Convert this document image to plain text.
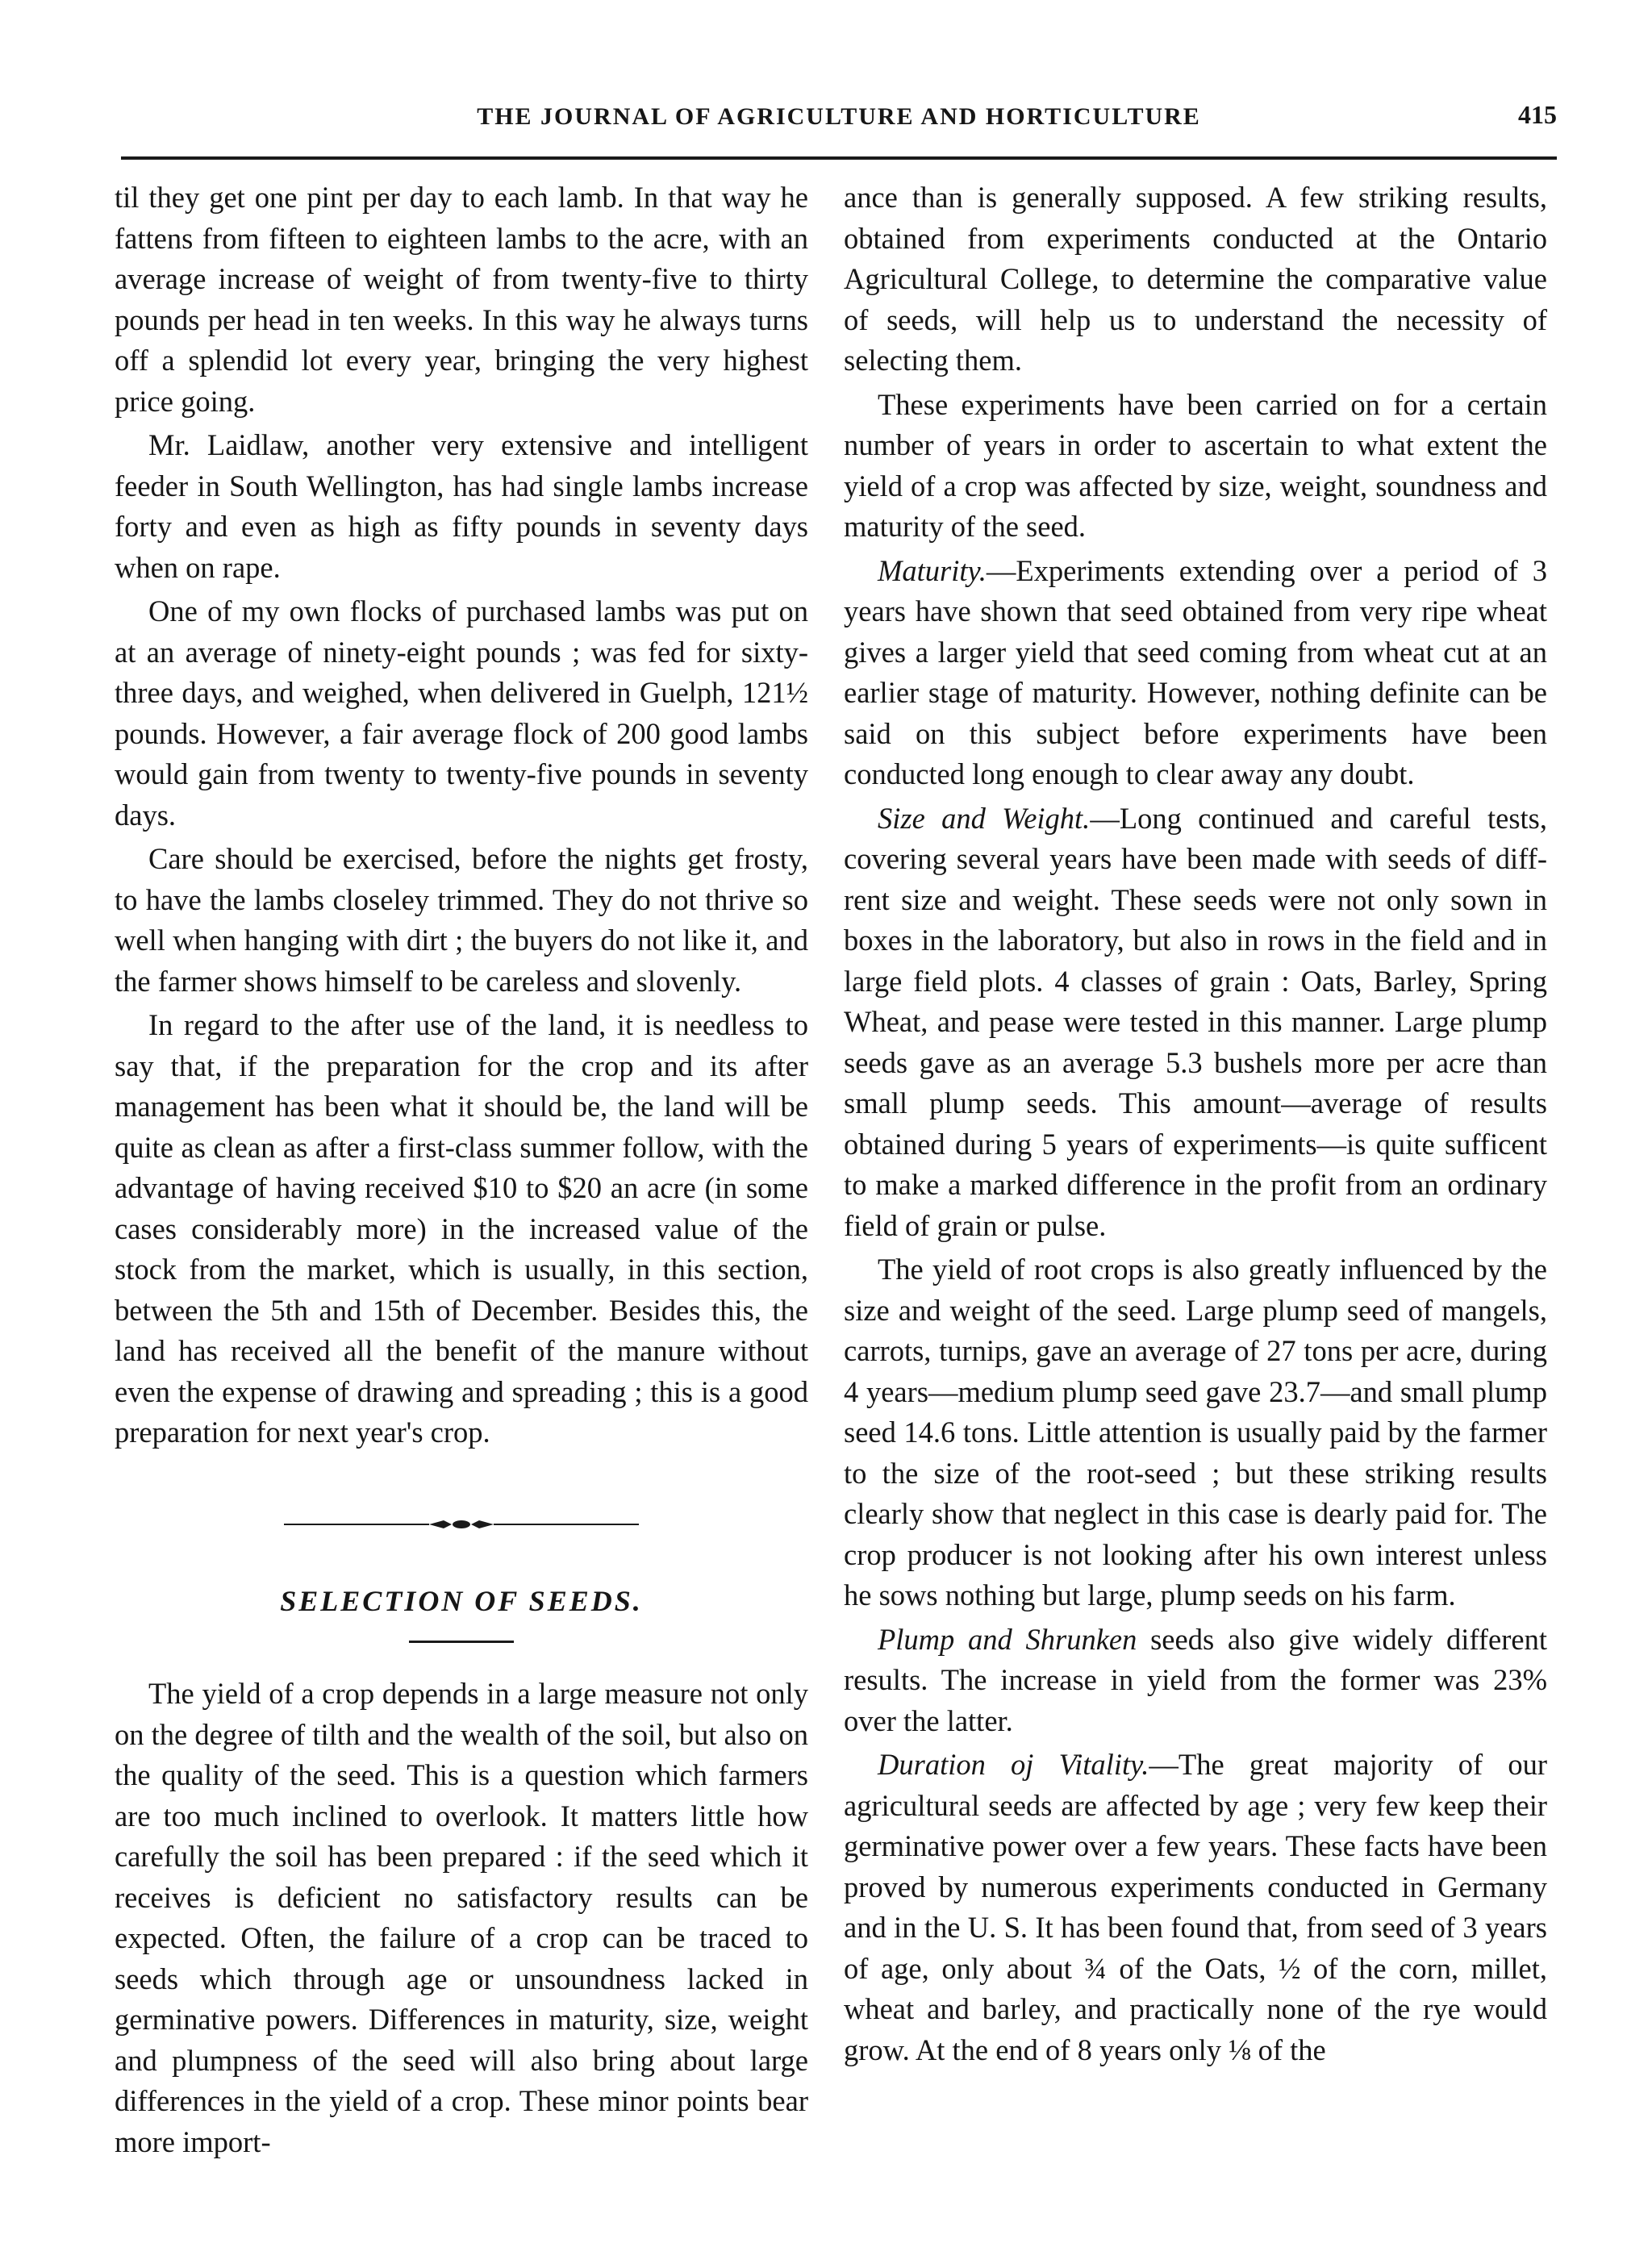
THE JOURNAL OF AGRICULTURE AND HORTICULTURE	415

til they get one pint per day to each lamb. In that way he fattens from fifteen to eighteen lambs to the acre, with an average increase of weight of from twenty-five to thirty pounds per head in ten weeks. In this way he always turns off a splendid lot every year, bringing the very highest price going.

Mr. Laidlaw, another very extensive and intelligent feeder in South Wellington, has had single lambs increase forty and even as high as fifty pounds in seventy days when on rape.

One of my own flocks of purchased lambs was put on at an average of ninety-eight pounds ; was fed for sixty-three days, and weighed, when delivered in Guelph, 121½ pounds. However, a fair average flock of 200 good lambs would gain from twenty to twenty-five pounds in seventy days.

Care should be exercised, before the nights get frosty, to have the lambs closeley trimmed. They do not thrive so well when hanging with dirt ; the buyers do not like it, and the farmer shows himself to be careless and slovenly.

In regard to the after use of the land, it is needless to say that, if the preparation for the crop and its after management has been what it should be, the land will be quite as clean as after a first-class summer follow, with the advantage of having received $10 to $20 an acre (in some cases considerably more) in the increased value of the stock from the market, which is usually, in this section, between the 5th and 15th of December. Besides this, the land has received all the benefit of the manure without even the expense of drawing and spreading ; this is a good preparation for next year's crop.

SELECTION OF SEEDS.

The yield of a crop depends in a large measure not only on the degree of tilth and the wealth of the soil, but also on the quality of the seed. This is a question which farmers are too much inclined to overlook. It matters little how carefully the soil has been prepared : if the seed which it receives is deficient no satisfactory results can be expected. Often, the failure of a crop can be traced to seeds which through age or unsoundness lacked in germinative powers. Differences in maturity, size, weight and plumpness of the seed will also bring about large differences in the yield of a crop. These minor points bear more import-

ance than is generally supposed. A few striking results, obtained from experiments conducted at the Ontario Agricultural College, to determine the comparative value of seeds, will help us to understand the necessity of selecting them.

These experiments have been carried on for a certain number of years in order to ascertain to what extent the yield of a crop was affected by size, weight, soundness and maturity of the seed.

Maturity.—Experiments extending over a period of 3 years have shown that seed obtained from very ripe wheat gives a larger yield that seed coming from wheat cut at an earlier stage of maturity. However, nothing definite can be said on this subject before experiments have been conducted long enough to clear away any doubt.

Size and Weight.—Long continued and careful tests, covering several years have been made with seeds of diff-rent size and weight. These seeds were not only sown in boxes in the laboratory, but also in rows in the field and in large field plots. 4 classes of grain : Oats, Barley, Spring Wheat, and pease were tested in this manner. Large plump seeds gave as an average 5.3 bushels more per acre than small plump seeds. This amount—average of results obtained during 5 years of experiments—is quite sufficent to make a marked difference in the profit from an ordinary field of grain or pulse.

The yield of root crops is also greatly influenced by the size and weight of the seed. Large plump seed of mangels, carrots, turnips, gave an average of 27 tons per acre, during 4 years—medium plump seed gave 23.7—and small plump seed 14.6 tons. Little attention is usually paid by the farmer to the size of the root-seed ; but these striking results clearly show that neglect in this case is dearly paid for. The crop producer is not looking after his own interest unless he sows nothing but large, plump seeds on his farm.

Plump and Shrunken seeds also give widely different results. The increase in yield from the former was 23% over the latter.

Duration oj Vitality.—The great majority of our agricultural seeds are affected by age ; very few keep their germinative power over a few years. These facts have been proved by numerous experiments conducted in Germany and in the U. S. It has been found that, from seed of 3 years of age, only about ¾ of the Oats, ½ of the corn, millet, wheat and barley, and practically none of the rye would grow. At the end of 8 years only ⅛ of the
